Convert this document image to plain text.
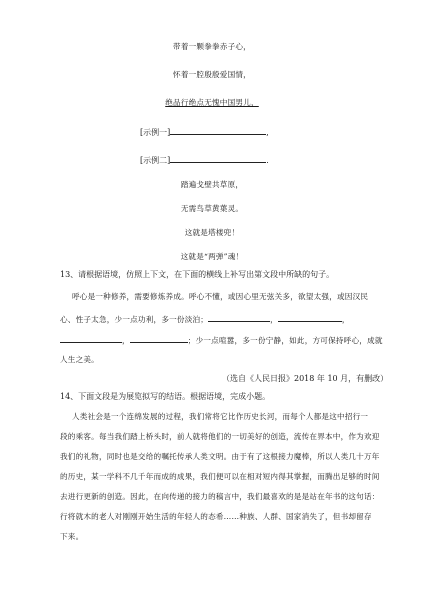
带着一颗拳拳赤子心，
怀着一腔殷殷爱国情，
绝品行绝点无愧中国男儿，
[示例一]	,
[示例二]	.
踏遍戈壁共草原，
无需鸟草黄葉灵。
这就是塔楼兜！
这就是“两弹”魂！
13、请根据语境，仿照上下文，在下面的横线上补写出第文段中所缺的句子。
呼心是一种修养，需要修炼养成。呼心不懂，或因心里无弦关多，欲望太强，或因汉民
心、性子太急，少一点功利，多一份淡泊；	，	，
，	；少一点喧嚣，多一份宁静，如此，方可保持呼心，成就
人生之美。
（选自《人民日报》2018 年 10 月，有删改）
14、下面文段是为展览拟写的结语。根据语境，完成小题。
人类社会是一个连绵发展的过程，我们常将它比作历史长河，而每个人都是这中招行一
段的乘客。每当我们踏上桥头时，前人就将他们的一切美好的创造，流传在界本中，作为欢迎
我们的礼物，同时也是交给的嘱托传承人类文明。由于有了这根接力魔棒，所以人类几十万年
的历史，某一学科不几千年而成的成果，我们便可以在相对短内得其掌握，而腾出足够的时间
去进行更新的创造。因此，在向传递的接力的稿言中，我们最喜欢的是是站在年书的这句话：
行将就木的老人对刚刚开始生活的年轻人的态希……种族、人群、国家消失了，但书却留存
下来。
